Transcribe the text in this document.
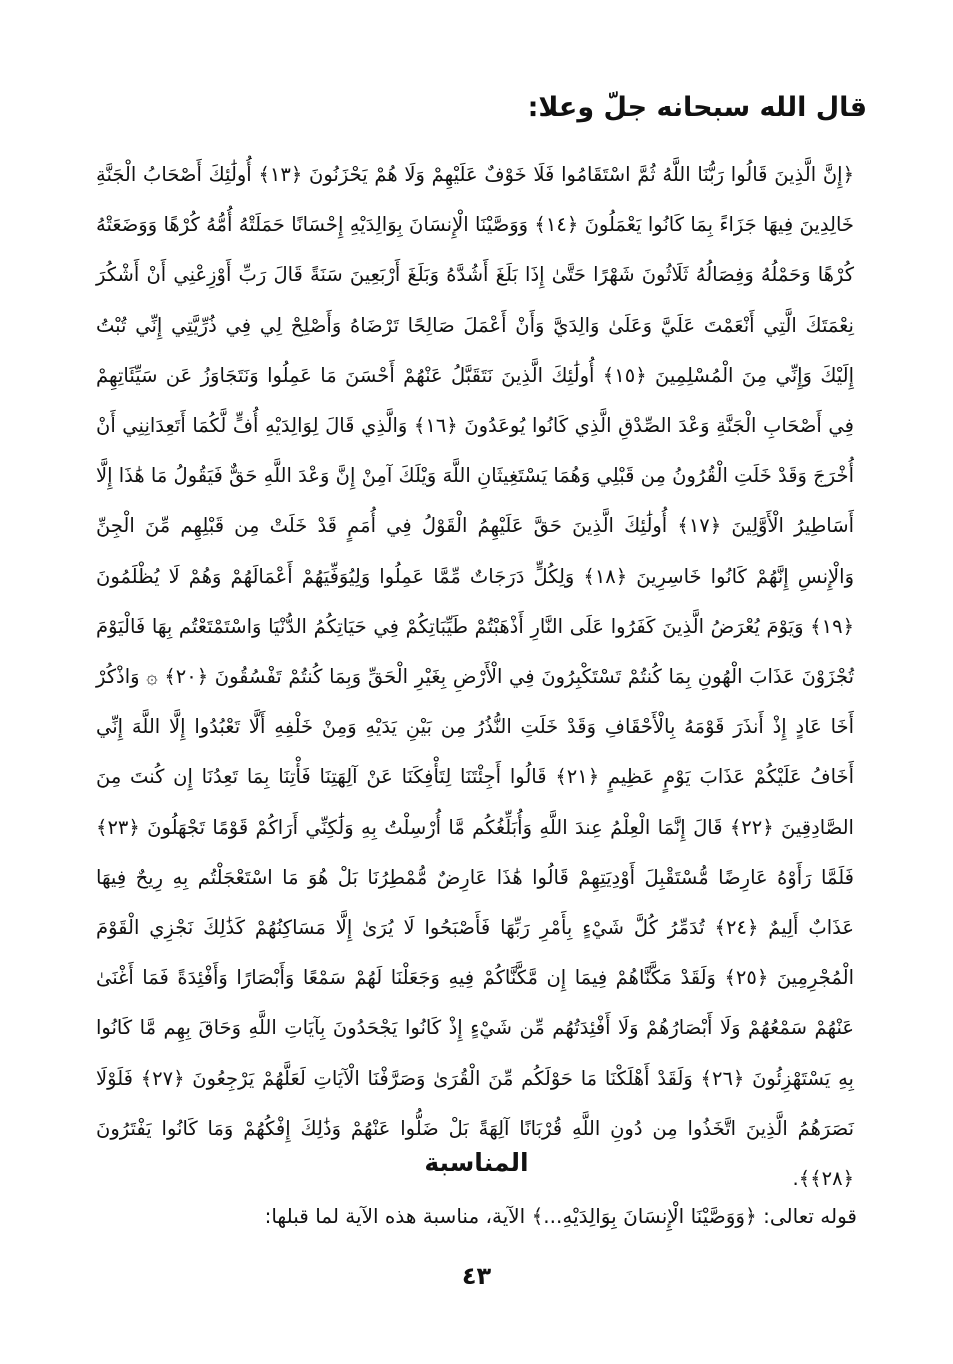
قال الله سبحانه جلّ وعلا:
﴿إِنَّ الَّذِينَ قَالُوا رَبُّنَا اللَّهُ ثُمَّ اسْتَقَامُوا فَلَا خَوْفٌ عَلَيْهِمْ وَلَا هُمْ يَحْزَنُونَ ﴿١٣﴾ أُولَٰئِكَ أَصْحَابُ الْجَنَّةِ خَالِدِينَ فِيهَا جَزَاءً بِمَا كَانُوا يَعْمَلُونَ ﴿١٤﴾ وَوَصَّيْنَا الْإِنسَانَ بِوَالِدَيْهِ إِحْسَانًا حَمَلَتْهُ أُمُّهُ كُرْهًا وَوَضَعَتْهُ كُرْهًا وَحَمْلُهُ وَفِصَالُهُ ثَلَاثُونَ شَهْرًا حَتَّىٰ إِذَا بَلَغَ أَشُدَّهُ وَبَلَغَ أَرْبَعِينَ سَنَةً قَالَ رَبِّ أَوْزِعْنِي أَنْ أَشْكُرَ نِعْمَتَكَ الَّتِي أَنْعَمْتَ عَلَيَّ وَعَلَىٰ وَالِدَيَّ وَأَنْ أَعْمَلَ صَالِحًا تَرْضَاهُ وَأَصْلِحْ لِي فِي ذُرِّيَّتِي إِنِّي تُبْتُ إِلَيْكَ وَإِنِّي مِنَ الْمُسْلِمِينَ ﴿١٥﴾ أُولَٰئِكَ الَّذِينَ نَتَقَبَّلُ عَنْهُمْ أَحْسَنَ مَا عَمِلُوا وَنَتَجَاوَزُ عَن سَيِّئَاتِهِمْ فِي أَصْحَابِ الْجَنَّةِ وَعْدَ الصِّدْقِ الَّذِي كَانُوا يُوعَدُونَ ﴿١٦﴾ وَالَّذِي قَالَ لِوَالِدَيْهِ أُفٍّ لَّكُمَا أَتَعِدَانِنِي أَنْ أُخْرَجَ وَقَدْ خَلَتِ الْقُرُونُ مِن قَبْلِي وَهُمَا يَسْتَغِيثَانِ اللَّهَ وَيْلَكَ آمِنْ إِنَّ وَعْدَ اللَّهِ حَقٌّ فَيَقُولُ مَا هَٰذَا إِلَّا أَسَاطِيرُ الْأَوَّلِينَ ﴿١٧﴾ أُولَٰئِكَ الَّذِينَ حَقَّ عَلَيْهِمُ الْقَوْلُ فِي أُمَمٍ قَدْ خَلَتْ مِن قَبْلِهِم مِّنَ الْجِنِّ وَالْإِنسِ إِنَّهُمْ كَانُوا خَاسِرِينَ ﴿١٨﴾ وَلِكُلٍّ دَرَجَاتٌ مِّمَّا عَمِلُوا وَلِيُوَفِّيَهُمْ أَعْمَالَهُمْ وَهُمْ لَا يُظْلَمُونَ ﴿١٩﴾ وَيَوْمَ يُعْرَضُ الَّذِينَ كَفَرُوا عَلَى النَّارِ أَذْهَبْتُمْ طَيِّبَاتِكُمْ فِي حَيَاتِكُمُ الدُّنْيَا وَاسْتَمْتَعْتُم بِهَا فَالْيَوْمَ تُجْزَوْنَ عَذَابَ الْهُونِ بِمَا كُنتُمْ تَسْتَكْبِرُونَ فِي الْأَرْضِ بِغَيْرِ الْحَقِّ وَبِمَا كُنتُمْ تَفْسُقُونَ ﴿٢٠﴾ ۞ وَاذْكُرْ أَخَا عَادٍ إِذْ أَنذَرَ قَوْمَهُ بِالْأَحْقَافِ وَقَدْ خَلَتِ النُّذُرُ مِن بَيْنِ يَدَيْهِ وَمِنْ خَلْفِهِ أَلَّا تَعْبُدُوا إِلَّا اللَّهَ إِنِّي أَخَافُ عَلَيْكُمْ عَذَابَ يَوْمٍ عَظِيمٍ ﴿٢١﴾ قَالُوا أَجِئْتَنَا لِتَأْفِكَنَا عَنْ آلِهَتِنَا فَأْتِنَا بِمَا تَعِدُنَا إِن كُنتَ مِنَ الصَّادِقِينَ ﴿٢٢﴾ قَالَ إِنَّمَا الْعِلْمُ عِندَ اللَّهِ وَأُبَلِّغُكُم مَّا أُرْسِلْتُ بِهِ وَلَٰكِنِّي أَرَاكُمْ قَوْمًا تَجْهَلُونَ ﴿٢٣﴾ فَلَمَّا رَأَوْهُ عَارِضًا مُّسْتَقْبِلَ أَوْدِيَتِهِمْ قَالُوا هَٰذَا عَارِضٌ مُّمْطِرُنَا بَلْ هُوَ مَا اسْتَعْجَلْتُم بِهِ رِيحٌ فِيهَا عَذَابٌ أَلِيمٌ ﴿٢٤﴾ تُدَمِّرُ كُلَّ شَيْءٍ بِأَمْرِ رَبِّهَا فَأَصْبَحُوا لَا يُرَىٰ إِلَّا مَسَاكِنُهُمْ كَذَٰلِكَ نَجْزِي الْقَوْمَ الْمُجْرِمِينَ ﴿٢٥﴾ وَلَقَدْ مَكَّنَّاهُمْ فِيمَا إِن مَّكَّنَّاكُمْ فِيهِ وَجَعَلْنَا لَهُمْ سَمْعًا وَأَبْصَارًا وَأَفْئِدَةً فَمَا أَغْنَىٰ عَنْهُمْ سَمْعُهُمْ وَلَا أَبْصَارُهُمْ وَلَا أَفْئِدَتُهُم مِّن شَيْءٍ إِذْ كَانُوا يَجْحَدُونَ بِآيَاتِ اللَّهِ وَحَاقَ بِهِم مَّا كَانُوا بِهِ يَسْتَهْزِئُونَ ﴿٢٦﴾ وَلَقَدْ أَهْلَكْنَا مَا حَوْلَكُم مِّنَ الْقُرَىٰ وَصَرَّفْنَا الْآيَاتِ لَعَلَّهُمْ يَرْجِعُونَ ﴿٢٧﴾ فَلَوْلَا نَصَرَهُمُ الَّذِينَ اتَّخَذُوا مِن دُونِ اللَّهِ قُرْبَانًا آلِهَةً بَلْ ضَلُّوا عَنْهُمْ وَذَٰلِكَ إِفْكُهُمْ وَمَا كَانُوا يَفْتَرُونَ ﴿٢٨﴾﴾.
المناسبة
قوله تعالى: ﴿وَوَصَّيْنَا الْإِنسَانَ بِوَالِدَيْهِ...﴾ الآية، مناسبة هذه الآية لما قبلها:
٤٣
